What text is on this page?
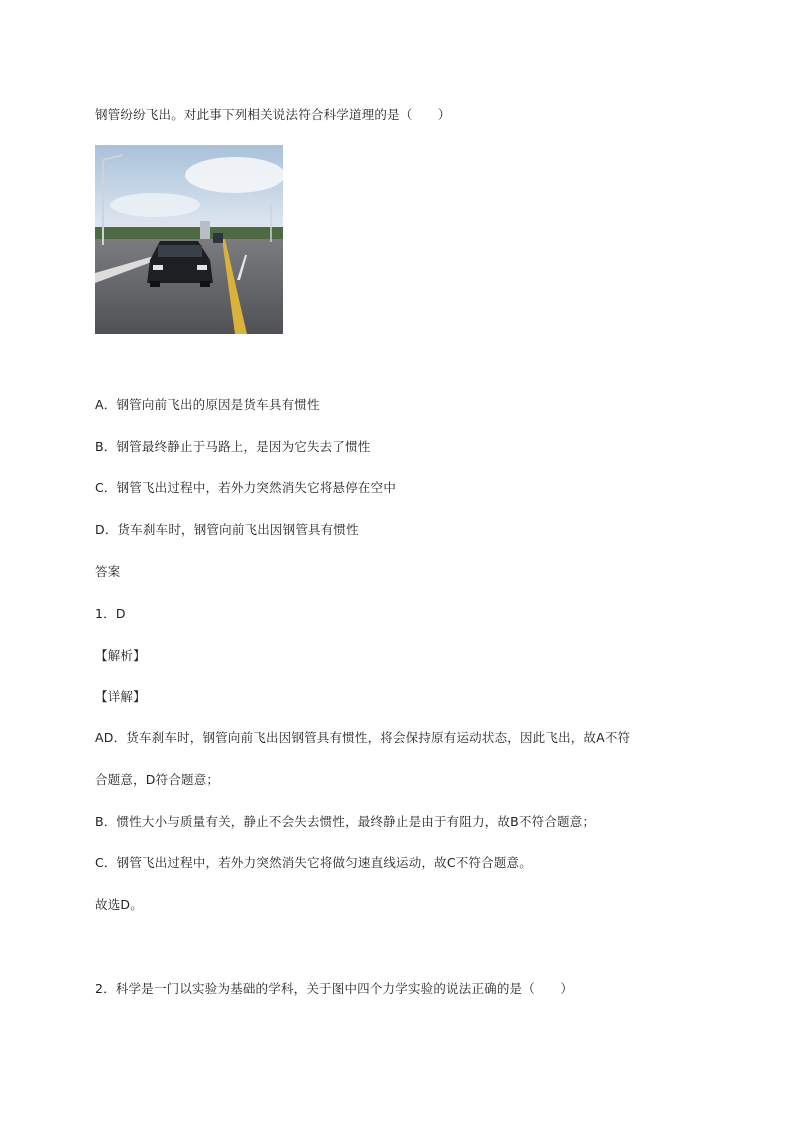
钢管纷纷飞出。对此事下列相关说法符合科学道理的是（　　）
A．钢管向前飞出的原因是货车具有惯性
B．钢管最终静止于马路上，是因为它失去了惯性
C．钢管飞出过程中，若外力突然消失它将悬停在空中
D．货车刹车时，钢管向前飞出因钢管具有惯性
答案
1．D
【解析】
【详解】
AD．货车刹车时，钢管向前飞出因钢管具有惯性，将会保持原有运动状态，因此飞出，故A不符
合题意，D符合题意；
B．惯性大小与质量有关，静止不会失去惯性，最终静止是由于有阻力，故B不符合题意；
C．钢管飞出过程中，若外力突然消失它将做匀速直线运动，故C不符合题意。
故选D。
2．科学是一门以实验为基础的学科，关于图中四个力学实验的说法正确的是（　　）
